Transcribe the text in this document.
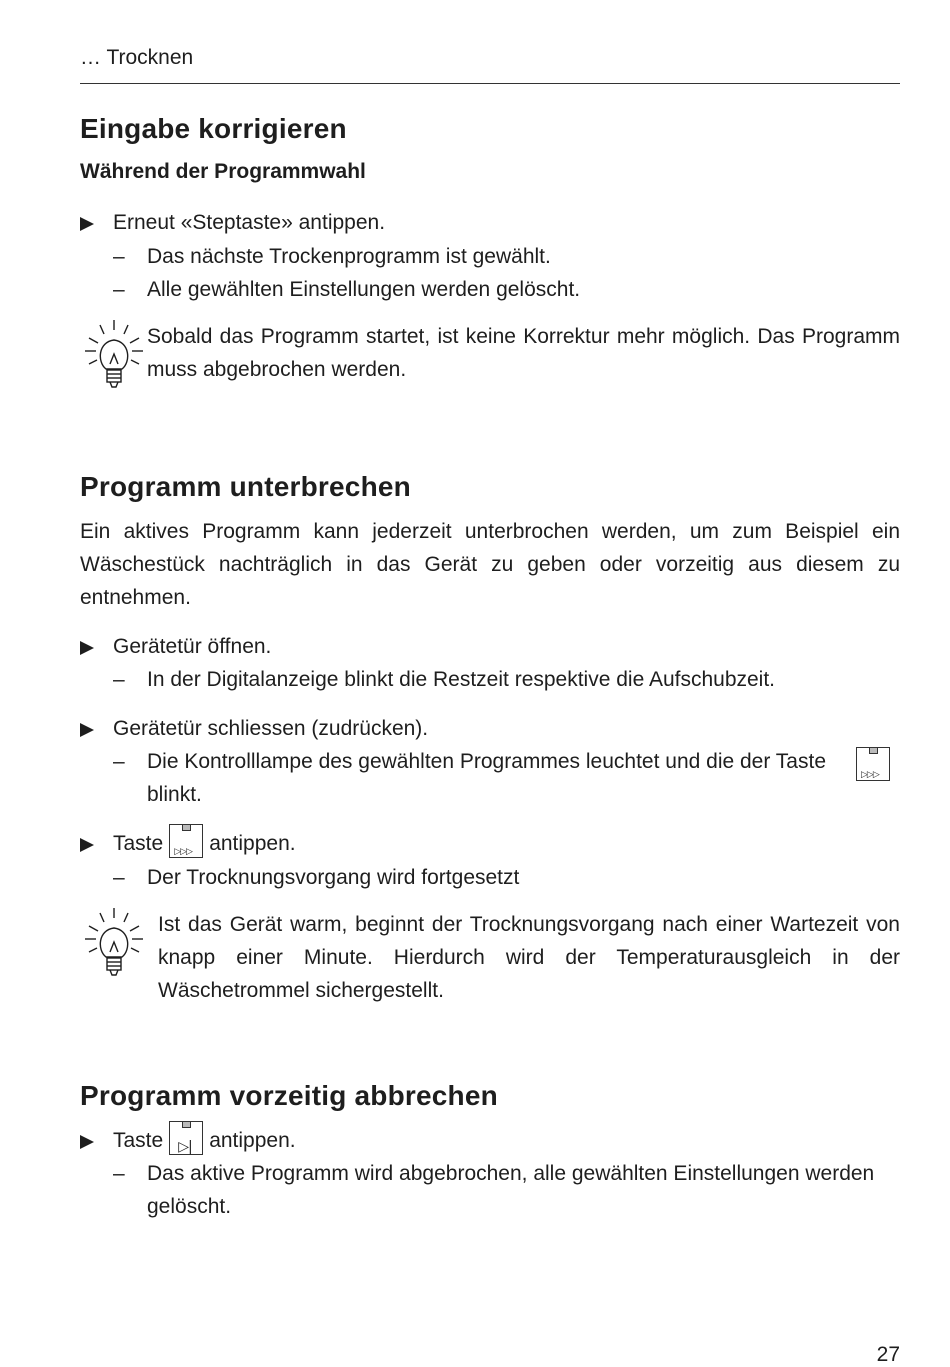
… Trocknen
Eingabe korrigieren
Während der Programmwahl
Erneut «Steptaste» antippen.
– Das nächste Trockenprogramm ist gewählt.
– Alle gewählten Einstellungen werden gelöscht.
Sobald das Programm startet, ist keine Korrektur mehr möglich. Das Programm muss abgebrochen werden.
Programm unterbrechen
Ein aktives Programm kann jederzeit unterbrochen werden, um zum Beispiel ein Wäschestück nachträglich in das Gerät zu geben oder vorzeitig aus diesem zu entnehmen.
Gerätetür öffnen.
– In der Digitalanzeige blinkt die Restzeit respektive die Aufschubzeit.
Gerätetür schliessen (zudrücken).
– Die Kontrolllampe des gewählten Programmes leuchtet und die der Taste
▷▷▷
blinkt.
Taste ▷▷▷ antippen.
– Der Trocknungsvorgang wird fortgesetzt
Ist das Gerät warm, beginnt der Trocknungsvorgang nach einer Wartezeit von knapp einer Minute. Hierdurch wird der Temperaturausgleich in der Wäschetrommel sichergestellt.
Programm vorzeitig abbrechen
Taste ▷| antippen.
– Das aktive Programm wird abgebrochen, alle gewählten Einstellungen werden gelöscht.
27
